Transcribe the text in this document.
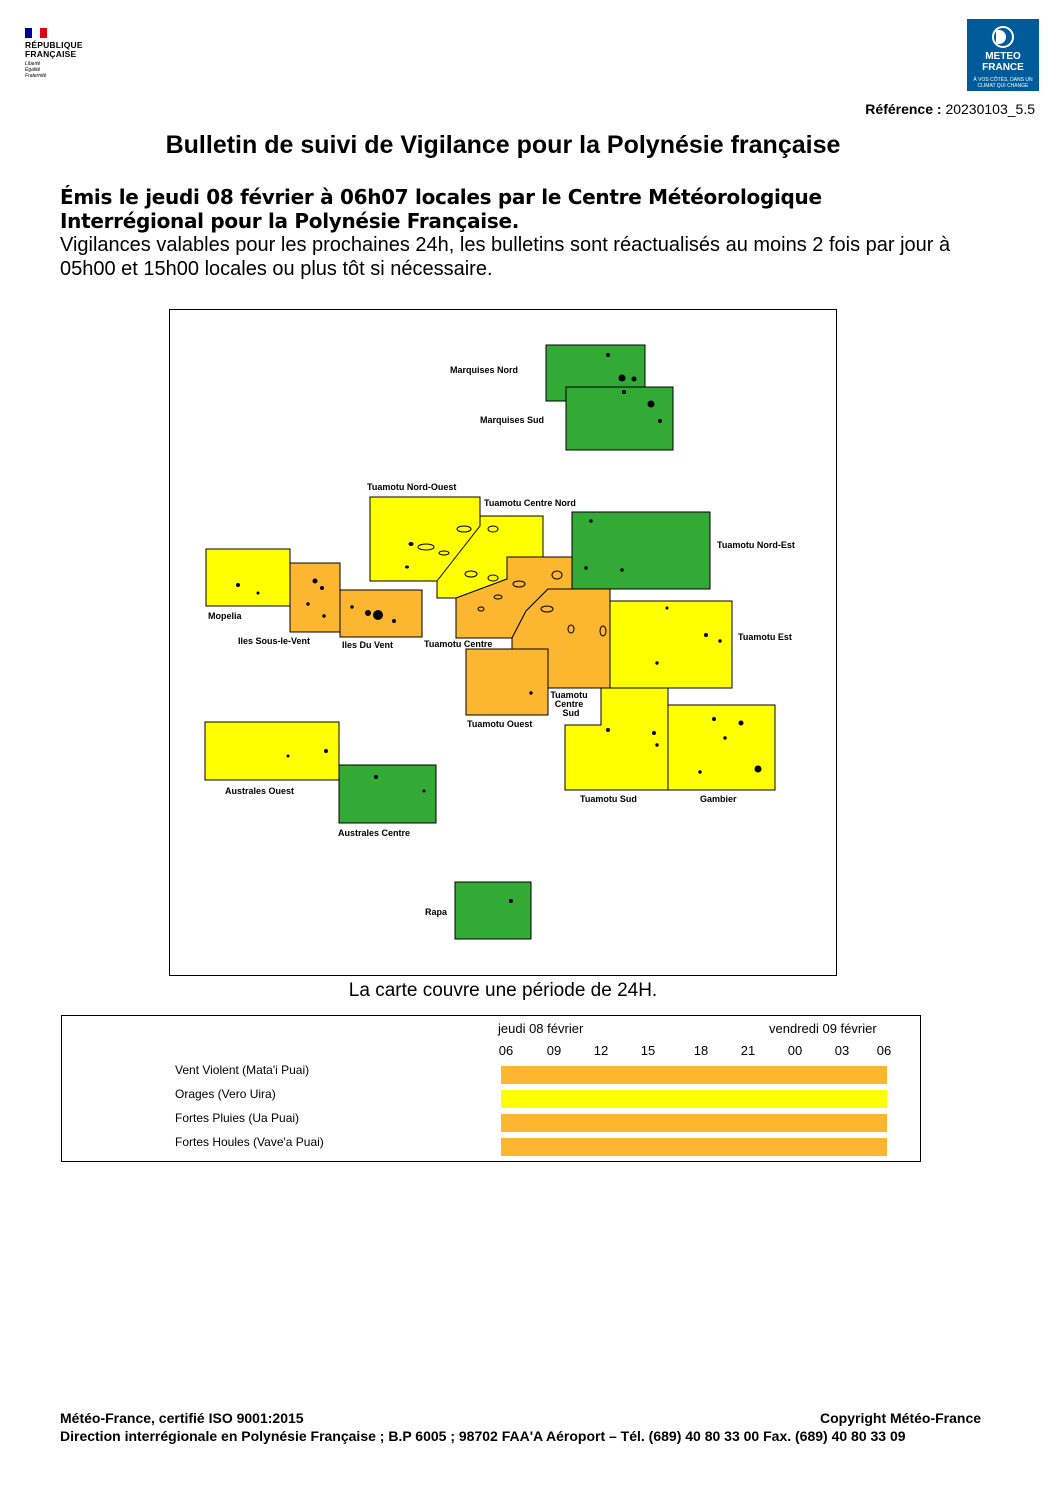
RÉPUBLIQUE
FRANÇAISE
Liberté
Égalité
Fraternité
METEO
FRANCE
À VOS CÔTÉS, DANS UN
CLIMAT QUI CHANGE
Référence : 20230103_5.5
Bulletin de suivi de Vigilance pour la Polynésie française
Émis le jeudi 08 février à 06h07 locales par le Centre Météorologique Interrégional pour la Polynésie Française.
Vigilances valables pour les prochaines 24h, les bulletins sont réactualisés au moins 2 fois par jour à 05h00 et 15h00 locales ou plus tôt si nécessaire.
Marquises Nord
Marquises Sud
Tuamotu Nord-Ouest
Tuamotu Centre Nord
Tuamotu Nord-Est
Mopelia
Iles Sous-le-Vent	Iles Du Vent	Tuamotu Centre
Tuamotu Est
Tuamotu Ouest
Tuamotu
Centre
Sud
Tuamotu Sud	Gambier
Australes Ouest
Australes Centre
Rapa
La carte couvre une période de 24H.
jeudi 08 février	vendredi 09 février
06	09	12	15	18	21	00	03	06
Vent Violent (Mata'i Puai)
Orages (Vero Uira)
Fortes Pluies (Ua Puai)
Fortes Houles (Vave'a Puai)
Météo-France, certifié ISO 9001:2015	Copyright Météo-France
Direction interrégionale en Polynésie Française ; B.P 6005 ; 98702 FAA'A Aéroport – Tél. (689) 40 80 33 00 Fax. (689) 40 80 33 09
